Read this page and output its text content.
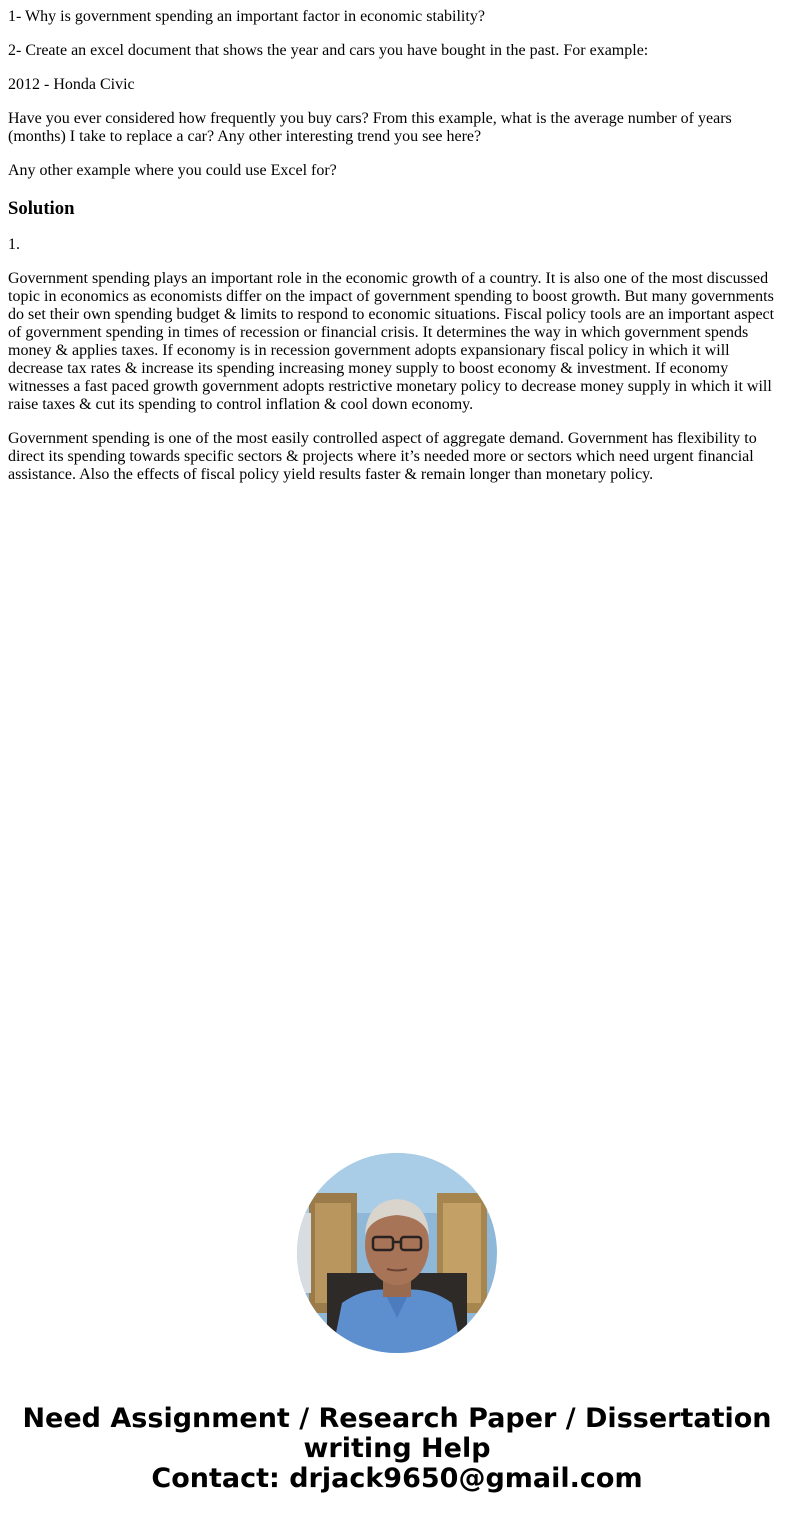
1- Why is government spending an important factor in economic stability?

2- Create an excel document that shows the year and cars you have bought in the past. For example:

2012 - Honda Civic

Have you ever considered how frequently you buy cars? From this example, what is the average number of years (months) I take to replace a car? Any other interesting trend you see here?

Any other example where you could use Excel for?

Solution

1.

Government spending plays an important role in the economic growth of a country. It is also one of the most discussed topic in economics as economists differ on the impact of government spending to boost growth. But many governments do set their own spending budget & limits to respond to economic situations. Fiscal policy tools are an important aspect of government spending in times of recession or financial crisis. It determines the way in which government spends money & applies taxes. If economy is in recession government adopts expansionary fiscal policy in which it will decrease tax rates & increase its spending increasing money supply to boost economy & investment. If economy witnesses a fast paced growth government adopts restrictive monetary policy to decrease money supply in which it will raise taxes & cut its spending to control inflation & cool down economy.

Government spending is one of the most easily controlled aspect of aggregate demand. Government has flexibility to direct its spending towards specific sectors & projects where it’s needed more or sectors which need urgent financial assistance. Also the effects of fiscal policy yield results faster & remain longer than monetary policy.

Need Assignment / Research Paper / Dissertation
writing Help
Contact: drjack9650@gmail.com
